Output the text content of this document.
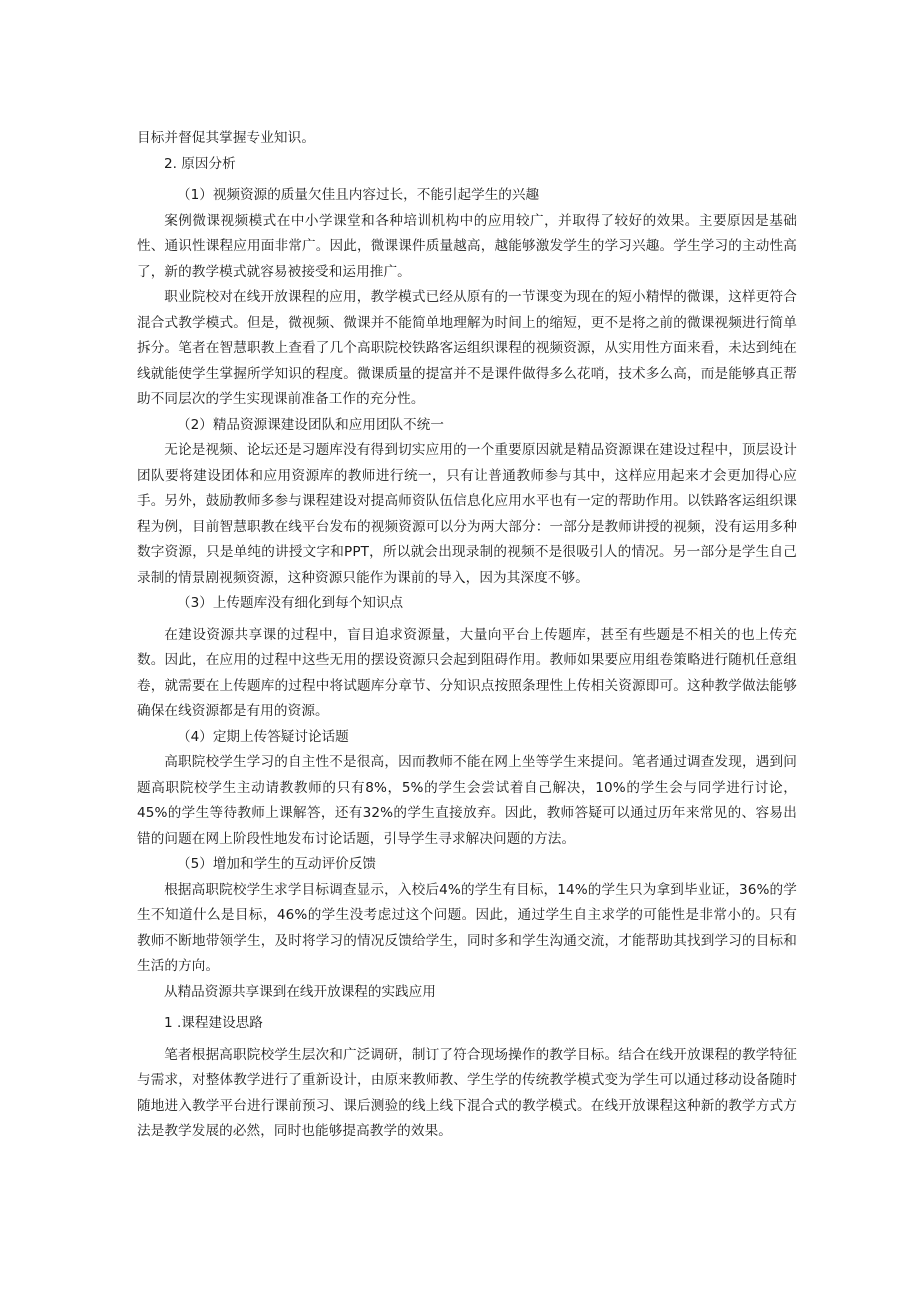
目标并督促其掌握专业知识。

2. 原因分析

（1）视频资源的质量欠佳且内容过长，不能引起学生的兴趣

案例微课视频模式在中小学课堂和各种培训机构中的应用较广，并取得了较好的效果。主要原因是基础性、通识性课程应用面非常广。因此，微课课件质量越高，越能够激发学生的学习兴趣。学生学习的主动性高了，新的教学模式就容易被接受和运用推广。

职业院校对在线开放课程的应用，教学模式已经从原有的一节课变为现在的短小精悍的微课，这样更符合混合式教学模式。但是，微视频、微课并不能简单地理解为时间上的缩短，更不是将之前的微课视频进行简单拆分。笔者在智慧职教上查看了几个高职院校铁路客运组织课程的视频资源，从实用性方面来看，未达到纯在线就能使学生掌握所学知识的程度。微课质量的提富并不是课件做得多么花哨，技术多么高，而是能够真正帮助不同层次的学生实现课前准备工作的充分性。

（2）精品资源课建设团队和应用团队不统一

无论是视频、论坛还是习题库没有得到切实应用的一个重要原因就是精品资源课在建设过程中，顶层设计团队要将建设团体和应用资源库的教师进行统一，只有让普通教师参与其中，这样应用起来才会更加得心应手。另外，鼓励教师多参与课程建设对提高师资队伍信息化应用水平也有一定的帮助作用。以铁路客运组织课程为例，目前智慧职教在线平台发布的视频资源可以分为两大部分：一部分是教师讲授的视频，没有运用多种数字资源，只是单纯的讲授文字和PPT，所以就会出现录制的视频不是很吸引人的情况。另一部分是学生自己录制的情景剧视频资源，这种资源只能作为课前的导入，因为其深度不够。

（3）上传题库没有细化到每个知识点

在建设资源共享课的过程中，盲目追求资源量，大量向平台上传题库，甚至有些题是不相关的也上传充数。因此，在应用的过程中这些无用的摆设资源只会起到阻碍作用。教师如果要应用组卷策略进行随机任意组卷，就需要在上传题库的过程中将试题库分章节、分知识点按照条理性上传相关资源即可。这种教学做法能够确保在线资源都是有用的资源。

（4）定期上传答疑讨论话题

高职院校学生学习的自主性不是很高，因而教师不能在网上坐等学生来提问。笔者通过调查发现，遇到问题高职院校学生主动请教教师的只有8%，5%的学生会尝试着自己解决，10%的学生会与同学进行讨论，45%的学生等待教师上课解答，还有32%的学生直接放弃。因此，教师答疑可以通过历年来常见的、容易出错的问题在网上阶段性地发布讨论话题，引导学生寻求解决问题的方法。

（5）增加和学生的互动评价反馈

根据高职院校学生求学目标调查显示，入校后4%的学生有目标，14%的学生只为拿到毕业证，36%的学生不知道什么是目标，46%的学生没考虑过这个问题。因此，通过学生自主求学的可能性是非常小的。只有教师不断地带领学生，及时将学习的情况反馈给学生，同时多和学生沟通交流，才能帮助其找到学习的目标和生活的方向。

从精品资源共享课到在线开放课程的实践应用

1 .课程建设思路

笔者根据高职院校学生层次和广泛调研，制订了符合现场操作的教学目标。结合在线开放课程的教学特征与需求，对整体教学进行了重新设计，由原来教师教、学生学的传统教学模式变为学生可以通过移动设备随时随地进入教学平台进行课前预习、课后测验的线上线下混合式的教学模式。在线开放课程这种新的教学方式方法是教学发展的必然，同时也能够提高教学的效果。
